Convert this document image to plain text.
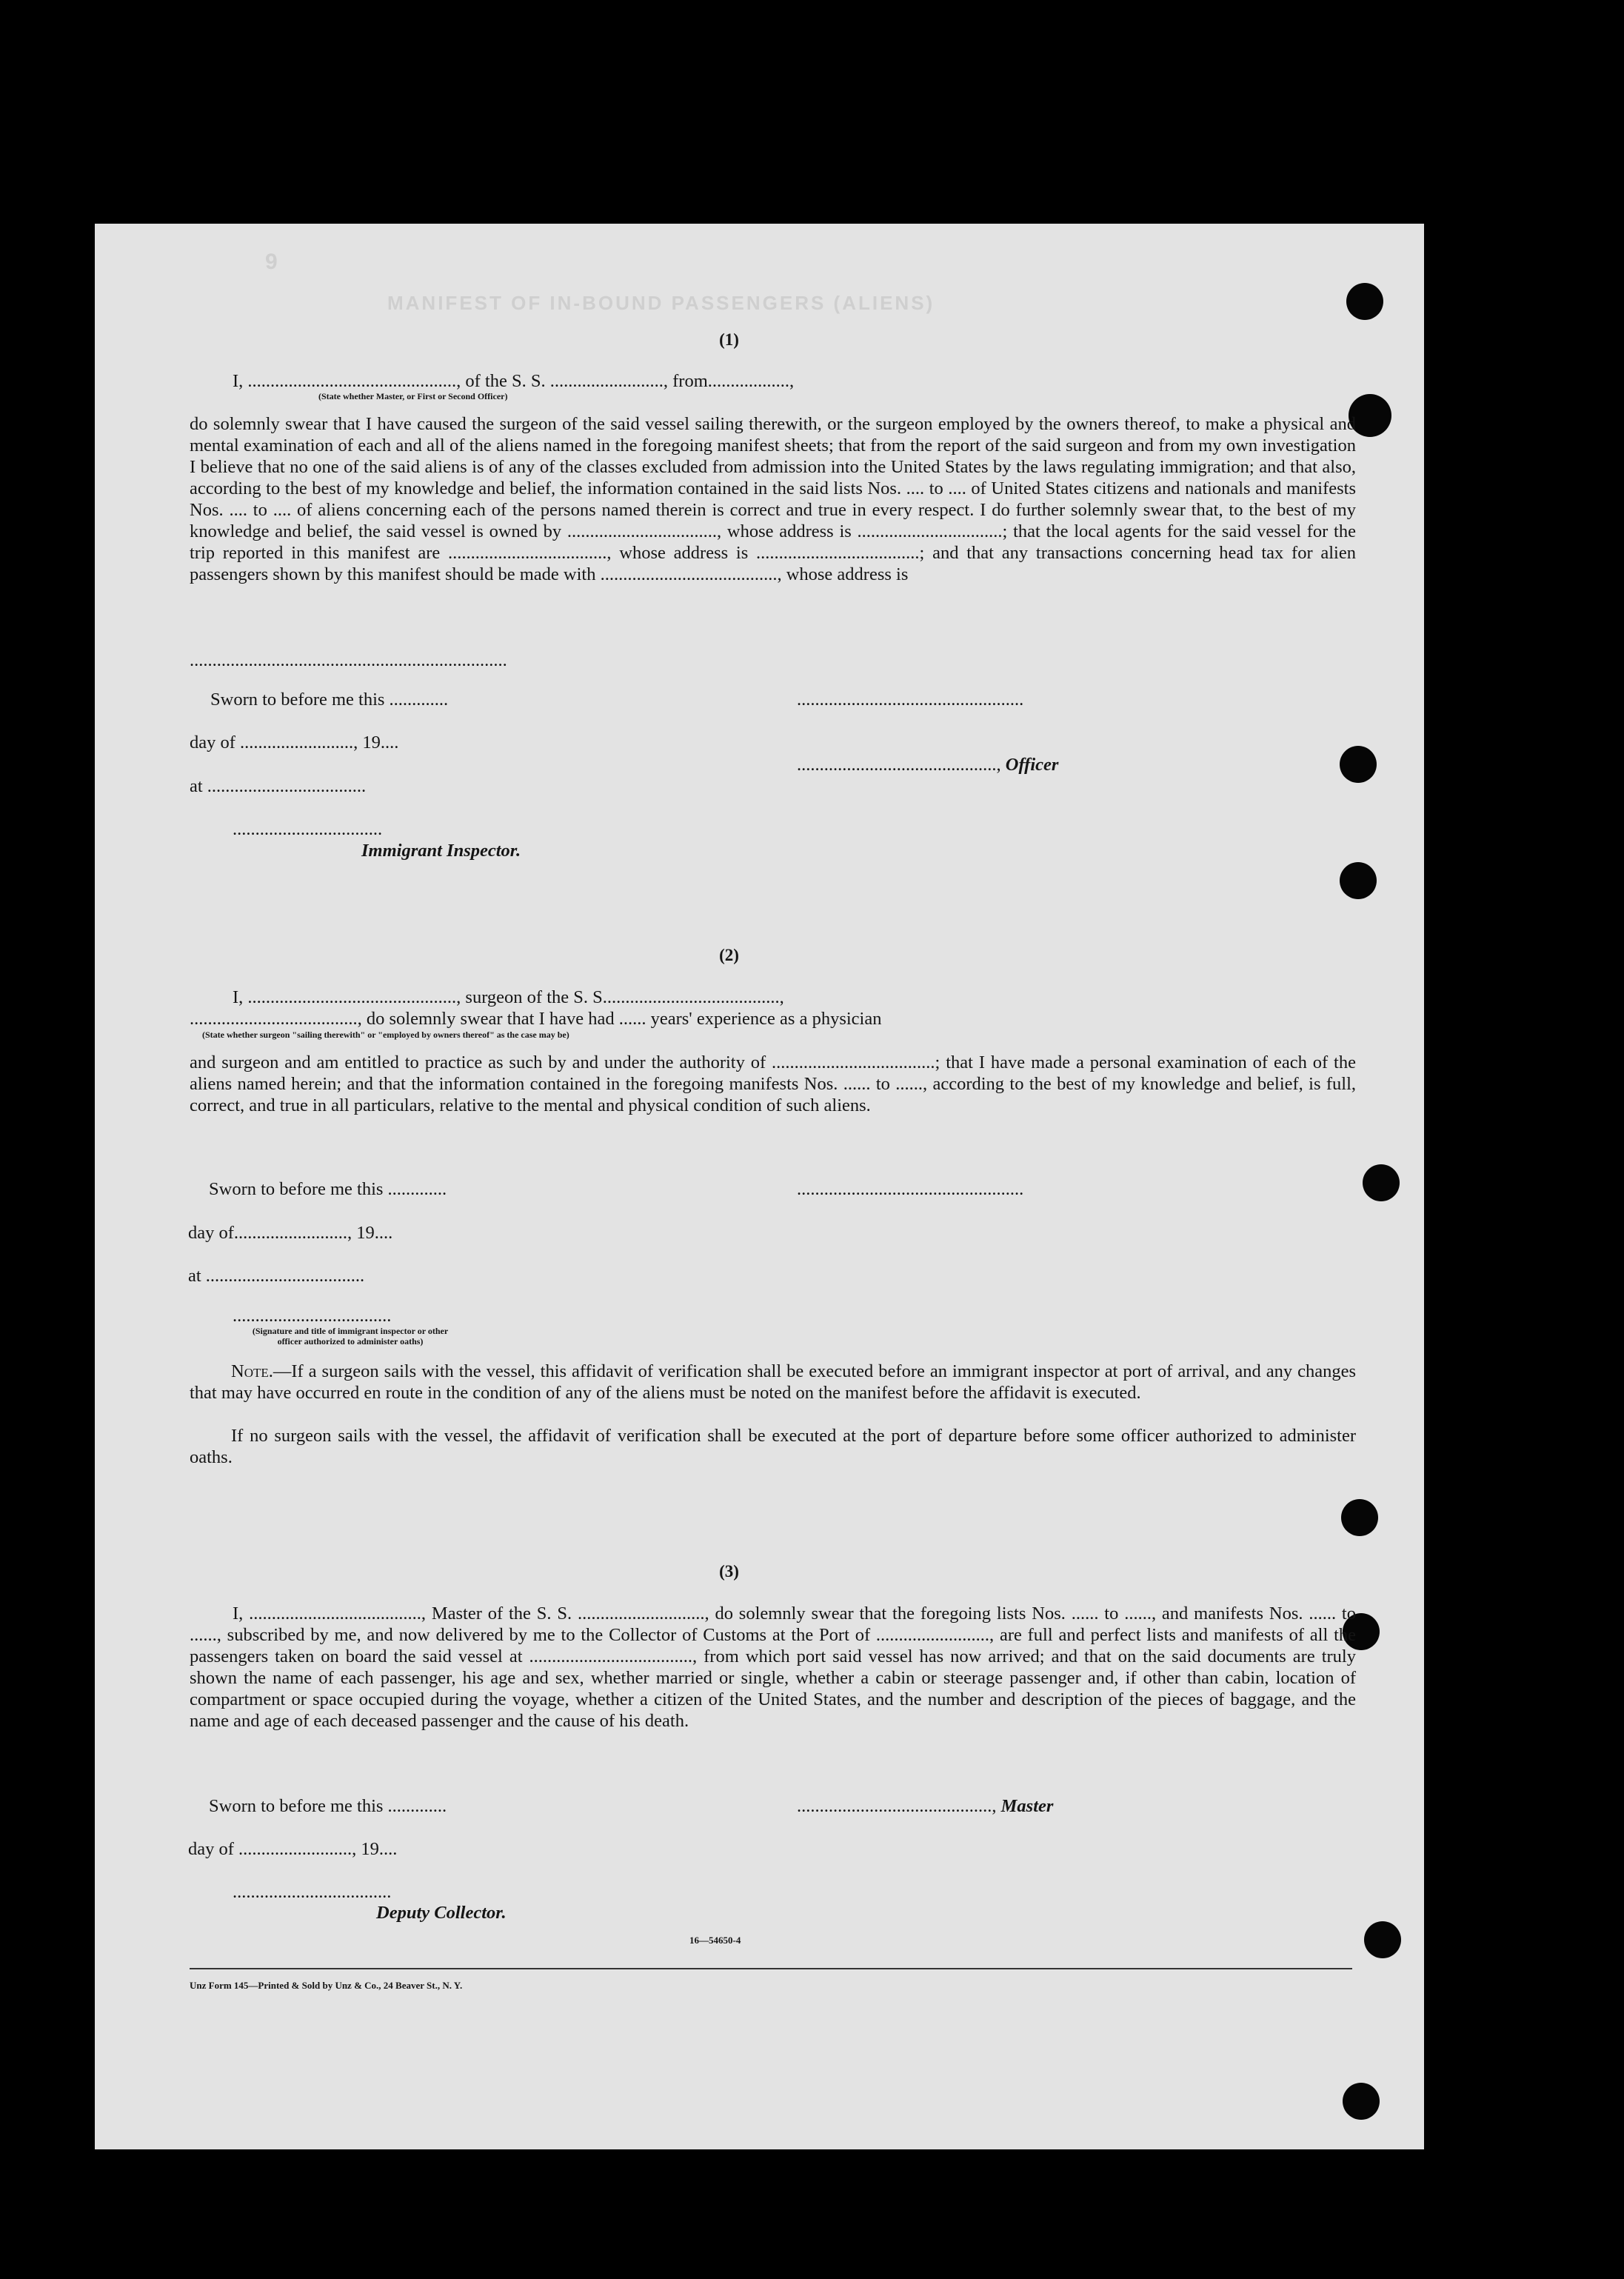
9
MANIFEST OF IN-BOUND PASSENGERS (ALIENS)
(1)
I, .............................................., of the S. S. ........................., from..................,
(State whether Master, or First or Second Officer)
do solemnly swear that I have caused the surgeon of the said vessel sailing therewith, or the surgeon employed by the owners thereof, to make a physical and mental examination of each and all of the aliens named in the foregoing manifest sheets; that from the report of the said surgeon and from my own investigation I believe that no one of the said aliens is of any of the classes excluded from admission into the United States by the laws regulating immigration; and that also, according to the best of my knowledge and belief, the information contained in the said lists Nos. .... to .... of United States citizens and nationals and manifests Nos. .... to .... of aliens concerning each of the persons named therein is correct and true in every respect. I do further solemnly swear that, to the best of my knowledge and belief, the said vessel is owned by ................................., whose address is ................................; that the local agents for the said vessel for the trip reported in this manifest are ..................................., whose address is ....................................; and that any transactions concerning head tax for alien passengers shown by this manifest should be made with ......................................., whose address is
......................................................................
Sworn to before me this .............	..................................................
day of ........................., 19....
............................................, Officer
at ...................................
.................................
Immigrant Inspector.
(2)
I, .............................................., surgeon of the S. S.......................................,
....................................., do solemnly swear that I have had ...... years' experience as a physician
(State whether surgeon "sailing therewith" or "employed by owners thereof" as the case may be)
and surgeon and am entitled to practice as such by and under the authority of ....................................; that I have made a personal examination of each of the aliens named herein; and that the information contained in the foregoing manifests Nos. ...... to ......, according to the best of my knowledge and belief, is full, correct, and true in all particulars, relative to the mental and physical condition of such aliens.
Sworn to before me this .............	..................................................
day of........................., 19....
at ...................................
...................................
(Signature and title of immigrant inspector or other officer authorized to administer oaths)
Note.—If a surgeon sails with the vessel, this affidavit of verification shall be executed before an immigrant inspector at port of arrival, and any changes that may have occurred en route in the condition of any of the aliens must be noted on the manifest before the affidavit is executed.
If no surgeon sails with the vessel, the affidavit of verification shall be executed at the port of departure before some officer authorized to administer oaths.
(3)
I, ......................................, Master of the S. S. ............................, do solemnly swear that the foregoing lists Nos. ...... to ......, and manifests Nos. ...... to ......, subscribed by me, and now delivered by me to the Collector of Customs at the Port of ........................., are full and perfect lists and manifests of all the passengers taken on board the said vessel at ...................................., from which port said vessel has now arrived; and that on the said documents are truly shown the name of each passenger, his age and sex, whether married or single, whether a cabin or steerage passenger and, if other than cabin, location of compartment or space occupied during the voyage, whether a citizen of the United States, and the number and description of the pieces of baggage, and the name and age of each deceased passenger and the cause of his death.
Sworn to before me this .............	..........................................., Master
day of ........................., 19....
...................................
Deputy Collector.
16—54650-4
Unz Form 145—Printed & Sold by Unz & Co., 24 Beaver St., N. Y.
